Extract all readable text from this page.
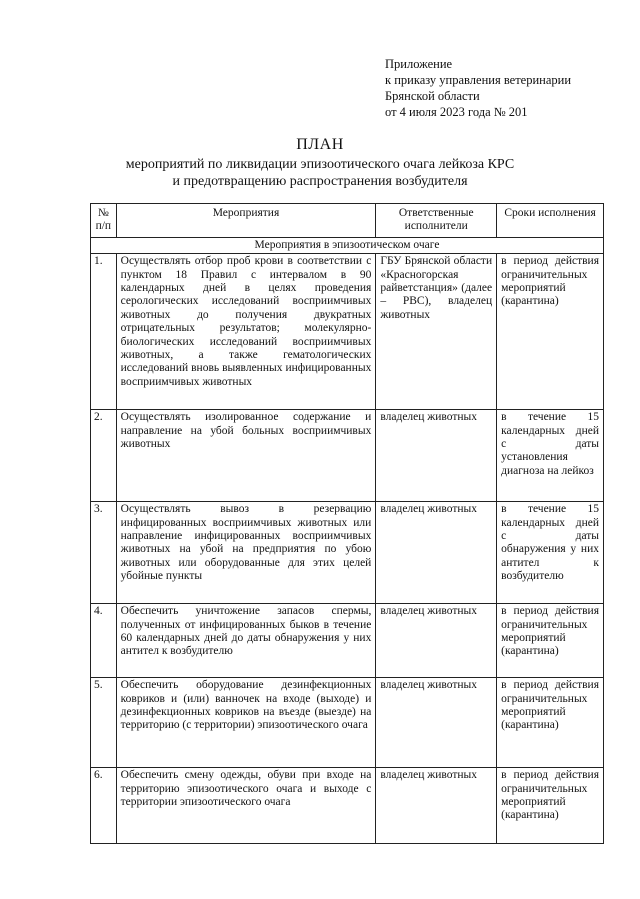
Приложение
к приказу управления ветеринарии
Брянской области
от 4 июля 2023 года № 201
ПЛАН
мероприятий по ликвидации эпизоотического очага лейкоза КРС
и предотвращению распространения возбудителя
№ п/п	Мероприятия	Ответственные исполнители	Сроки исполнения
Мероприятия в эпизоотическом очаге			
1.	Осуществлять отбор проб крови в соответствии с пунктом 18 Правил с интервалом в 90 календарных дней в целях проведения серологических исследований восприимчивых животных до получения двукратных отрицательных результатов; молекулярно-биологических исследований восприимчивых животных, а также гематологических исследований вновь выявленных инфицированных восприимчивых животных	ГБУ Брянской области «Красногорская райветстанция» (далее – РВС), владелец животных	в период действия ограничительных мероприятий (карантина)
2.	Осуществлять изолированное содержание и направление на убой больных восприимчивых животных	владелец животных	в течение 15 календарных дней с даты установления диагноза на лейкоз
3.	Осуществлять вывоз в резервацию инфицированных восприимчивых животных или направление инфицированных восприимчивых животных на убой на предприятия по убою животных или оборудованные для этих целей убойные пункты	владелец животных	в течение 15 календарных дней с даты обнаружения у них антител к возбудителю
4.	Обеспечить уничтожение запасов спермы, полученных от инфицированных быков в течение 60 календарных дней до даты обнаружения у них антител к возбудителю	владелец животных	в период действия ограничительных мероприятий (карантина)
5.	Обеспечить оборудование дезинфекционных ковриков и (или) ванночек на входе (выходе) и дезинфекционных ковриков на въезде (выезде) на территорию (с территории) эпизоотического очага	владелец животных	в период действия ограничительных мероприятий (карантина)
6.	Обеспечить смену одежды, обуви при входе на территорию эпизоотического очага и выходе с территории эпизоотического очага	владелец животных	в период действия ограничительных мероприятий (карантина)
